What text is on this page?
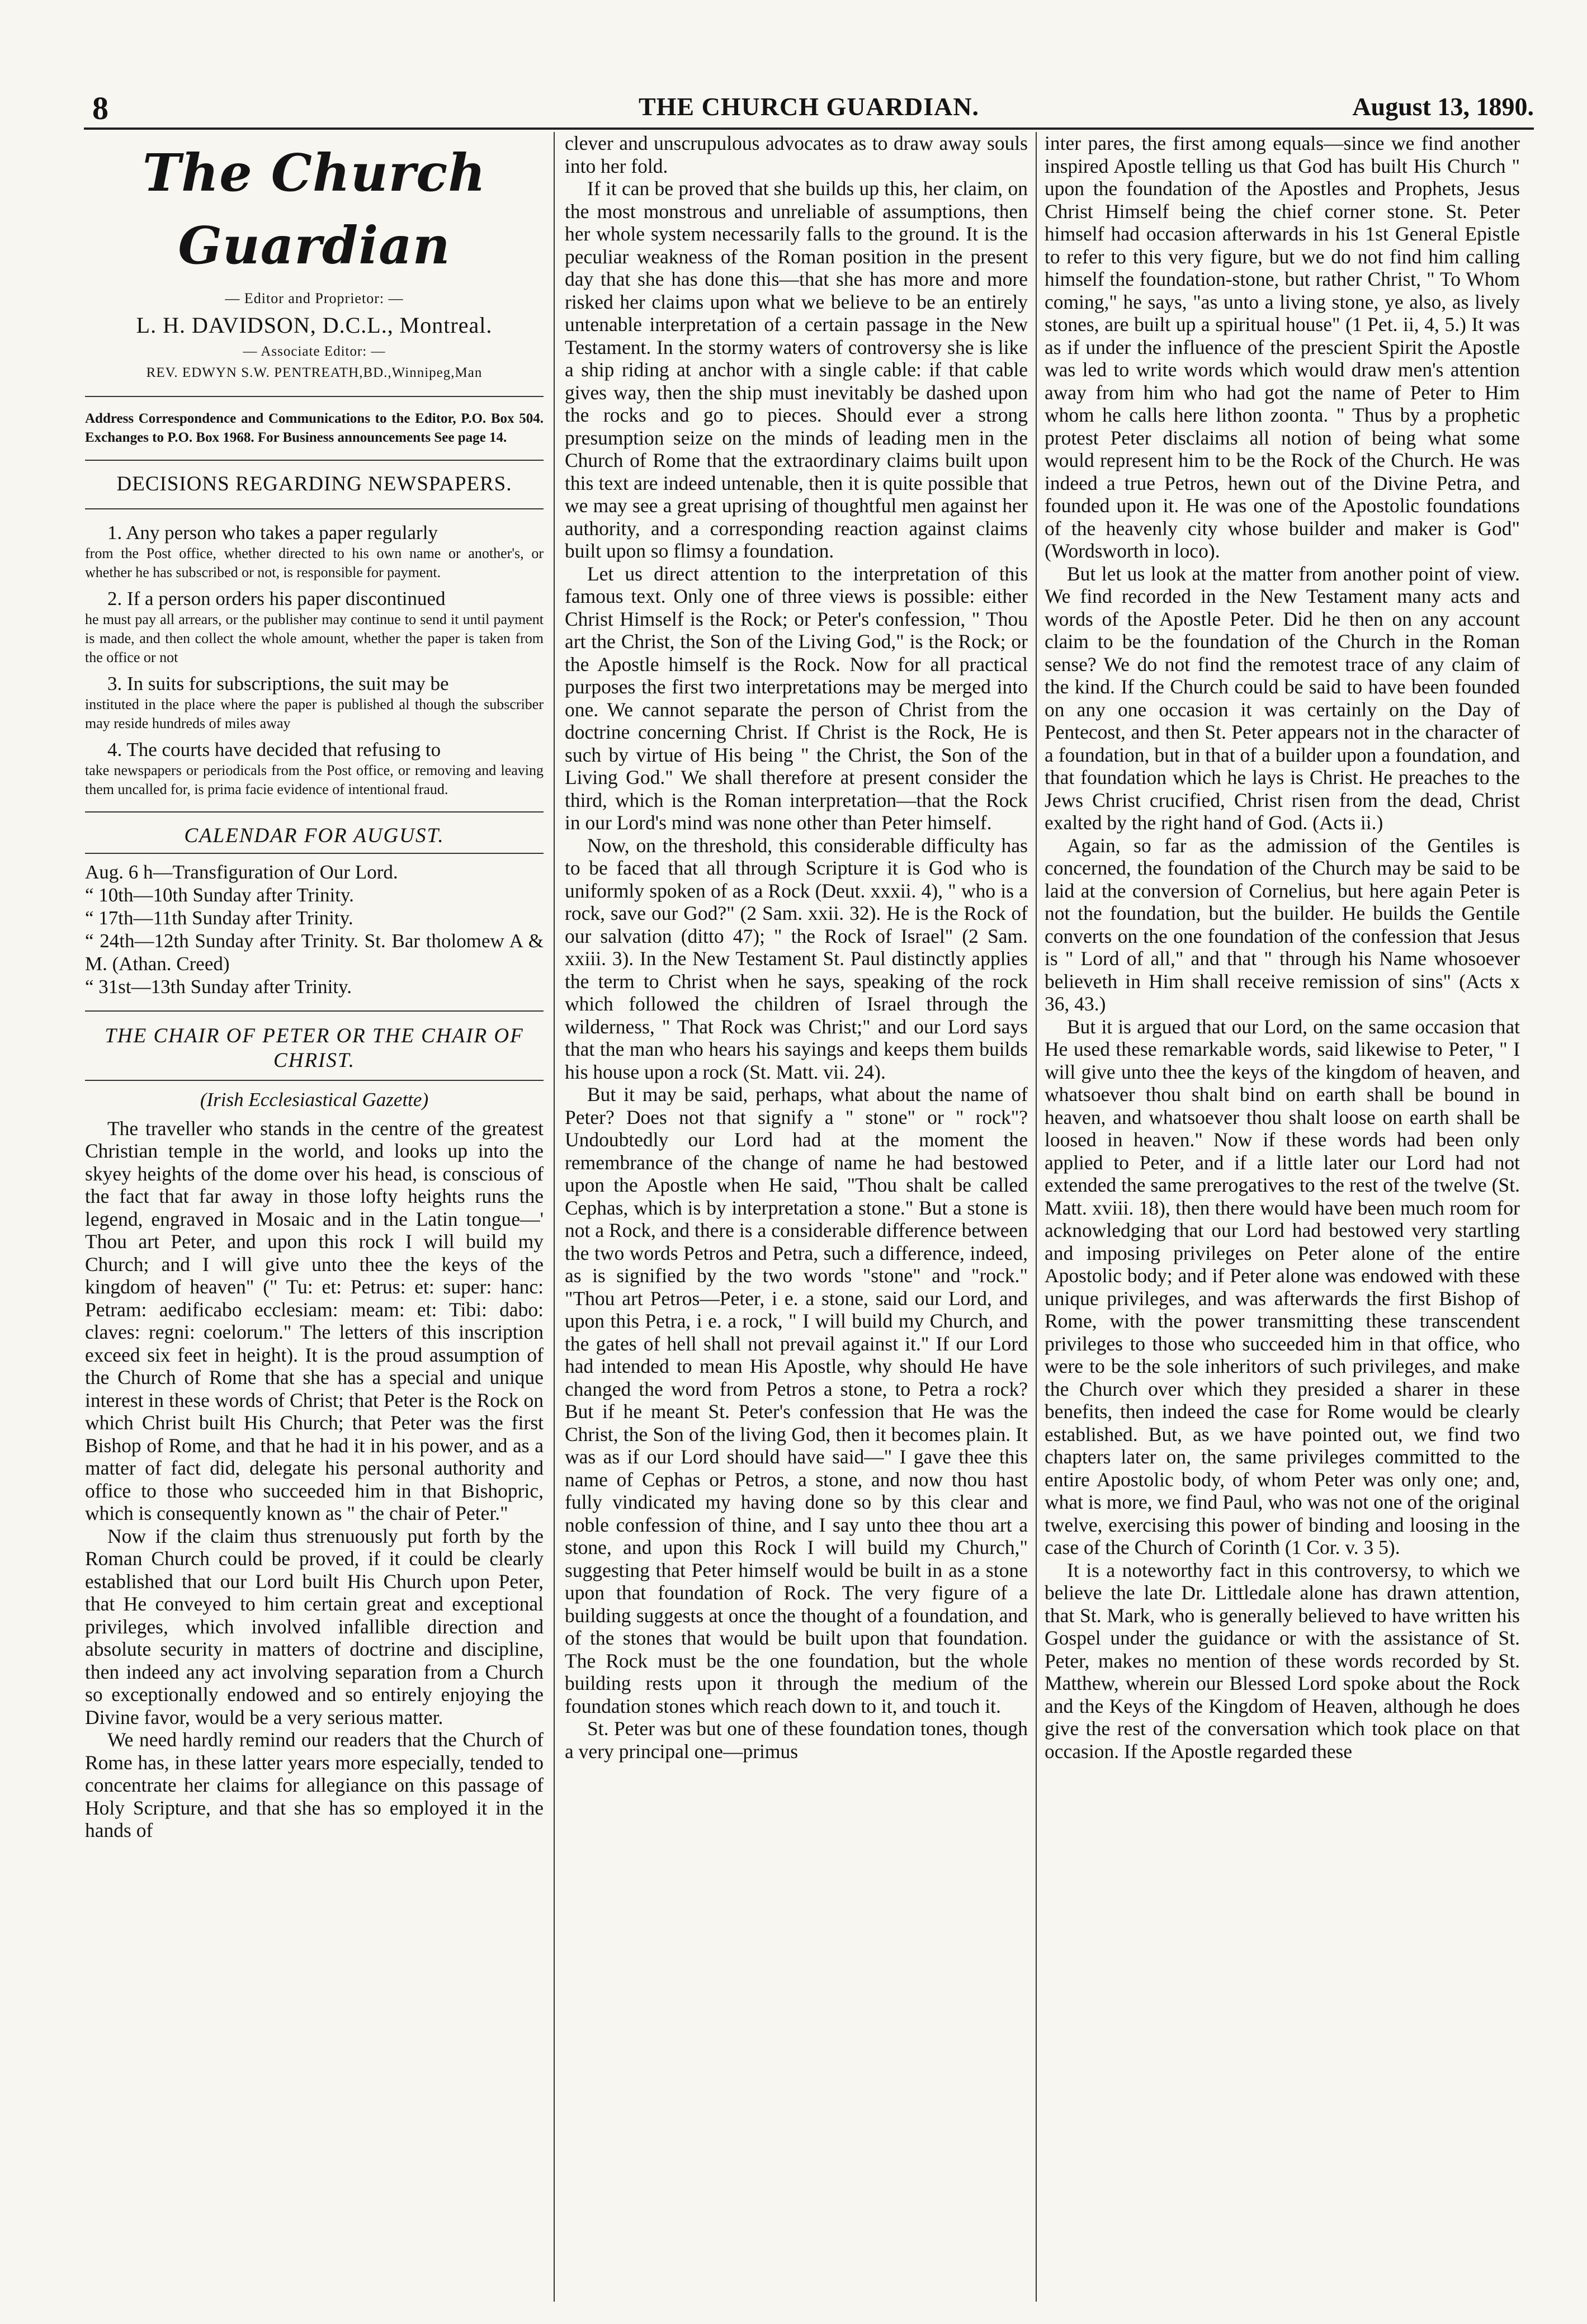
8	THE CHURCH GUARDIAN.	August 13, 1890.
The Church Guardian
— Editor and Proprietor: —
L. H. DAVIDSON, D.C.L., Montreal.
— Associate Editor: —
REV. EDWYN S.W. PENTREATH,BD.,Winnipeg,Man
Address Correspondence and Communications to the Editor, P.O. Box 504. Exchanges to P.O. Box 1968. For Business announcements See page 14.
DECISIONS REGARDING NEWSPAPERS.

1. Any person who takes a paper regularly

from the Post office, whether directed to his own name or another's, or whether he has subscribed or not, is responsible for payment.

2. If a person orders his paper discontinued

he must pay all arrears, or the publisher may continue to send it until payment is made, and then collect the whole amount, whether the paper is taken from the office or not

3. In suits for subscriptions, the suit may be

instituted in the place where the paper is published al though the subscriber may reside hundreds of miles away

4. The courts have decided that refusing to

take newspapers or periodicals from the Post office, or removing and leaving them uncalled for, is prima facie evidence of intentional fraud.
CALENDAR FOR AUGUST.
Aug. 6 h—Transfiguration of Our Lord.
“ 10th—10th Sunday after Trinity.
“ 17th—11th Sunday after Trinity.
“ 24th—12th Sunday after Trinity. St. Bar tholomew A & M. (Athan. Creed)
“ 31st—13th Sunday after Trinity.
THE CHAIR OF PETER OR THE CHAIR OF CHRIST.
(Irish Ecclesiastical Gazette)

The traveller who stands in the centre of the greatest Christian temple in the world, and looks up into the skyey heights of the dome over his head, is conscious of the fact that far away in those lofty heights runs the legend, engraved in Mosaic and in the Latin tongue—' Thou art Peter, and upon this rock I will build my Church; and I will give unto thee the keys of the kingdom of heaven" (" Tu: et: Petrus: et: super: hanc: Petram: aedificabo ecclesiam: meam: et: Tibi: dabo: claves: regni: coelorum." The letters of this inscription exceed six feet in height). It is the proud assumption of the Church of Rome that she has a special and unique interest in these words of Christ; that Peter is the Rock on which Christ built His Church; that Peter was the first Bishop of Rome, and that he had it in his power, and as a matter of fact did, delegate his personal authority and office to those who succeeded him in that Bishopric, which is consequently known as " the chair of Peter."

Now if the claim thus strenuously put forth by the Roman Church could be proved, if it could be clearly established that our Lord built His Church upon Peter, that He conveyed to him certain great and exceptional privileges, which involved infallible direction and absolute security in matters of doctrine and discipline, then indeed any act involving separation from a Church so exceptionally endowed and so entirely enjoying the Divine favor, would be a very serious matter.

We need hardly remind our readers that the Church of Rome has, in these latter years more especially, tended to concentrate her claims for allegiance on this passage of Holy Scripture, and that she has so employed it in the hands of

clever and unscrupulous advocates as to draw away souls into her fold.

If it can be proved that she builds up this, her claim, on the most monstrous and unreliable of assumptions, then her whole system necessarily falls to the ground. It is the peculiar weakness of the Roman position in the present day that she has done this—that she has more and more risked her claims upon what we believe to be an entirely untenable interpretation of a certain passage in the New Testament. In the stormy waters of controversy she is like a ship riding at anchor with a single cable: if that cable gives way, then the ship must inevitably be dashed upon the rocks and go to pieces. Should ever a strong presumption seize on the minds of leading men in the Church of Rome that the extraordinary claims built upon this text are indeed untenable, then it is quite possible that we may see a great uprising of thoughtful men against her authority, and a corresponding reaction against claims built upon so flimsy a foundation.

Let us direct attention to the interpretation of this famous text. Only one of three views is possible: either Christ Himself is the Rock; or Peter's confession, " Thou art the Christ, the Son of the Living God," is the Rock; or the Apostle himself is the Rock. Now for all practical purposes the first two interpretations may be merged into one. We cannot separate the person of Christ from the doctrine concerning Christ. If Christ is the Rock, He is such by virtue of His being " the Christ, the Son of the Living God." We shall therefore at present consider the third, which is the Roman interpretation—that the Rock in our Lord's mind was none other than Peter himself.

Now, on the threshold, this considerable difficulty has to be faced that all through Scripture it is God who is uniformly spoken of as a Rock (Deut. xxxii. 4), " who is a rock, save our God?" (2 Sam. xxii. 32). He is the Rock of our salvation (ditto 47); " the Rock of Israel" (2 Sam. xxiii. 3). In the New Testament St. Paul distinctly applies the term to Christ when he says, speaking of the rock which followed the children of Israel through the wilderness, " That Rock was Christ;" and our Lord says that the man who hears his sayings and keeps them builds his house upon a rock (St. Matt. vii. 24).

But it may be said, perhaps, what about the name of Peter? Does not that signify a " stone" or " rock"? Undoubtedly our Lord had at the moment the remembrance of the change of name he had bestowed upon the Apostle when He said, "Thou shalt be called Cephas, which is by interpretation a stone." But a stone is not a Rock, and there is a considerable difference between the two words Petros and Petra, such a difference, indeed, as is signified by the two words "stone" and "rock." "Thou art Petros—Peter, i e. a stone, said our Lord, and upon this Petra, i e. a rock, " I will build my Church, and the gates of hell shall not prevail against it." If our Lord had intended to mean His Apostle, why should He have changed the word from Petros a stone, to Petra a rock? But if he meant St. Peter's confession that He was the Christ, the Son of the living God, then it becomes plain. It was as if our Lord should have said—" I gave thee this name of Cephas or Petros, a stone, and now thou hast fully vindicated my having done so by this clear and noble confession of thine, and I say unto thee thou art a stone, and upon this Rock I will build my Church," suggesting that Peter himself would be built in as a stone upon that foundation of Rock. The very figure of a building suggests at once the thought of a foundation, and of the stones that would be built upon that foundation. The Rock must be the one foundation, but the whole building rests upon it through the medium of the foundation stones which reach down to it, and touch it.

St. Peter was but one of these foundation tones, though a very principal one—primus

inter pares, the first among equals—since we find another inspired Apostle telling us that God has built His Church " upon the foundation of the Apostles and Prophets, Jesus Christ Himself being the chief corner stone. St. Peter himself had occasion afterwards in his 1st General Epistle to refer to this very figure, but we do not find him calling himself the foundation-stone, but rather Christ, " To Whom coming," he says, "as unto a living stone, ye also, as lively stones, are built up a spiritual house" (1 Pet. ii, 4, 5.) It was as if under the influence of the prescient Spirit the Apostle was led to write words which would draw men's attention away from him who had got the name of Peter to Him whom he calls here lithon zoonta. " Thus by a prophetic protest Peter disclaims all notion of being what some would represent him to be the Rock of the Church. He was indeed a true Petros, hewn out of the Divine Petra, and founded upon it. He was one of the Apostolic foundations of the heavenly city whose builder and maker is God" (Wordsworth in loco).

But let us look at the matter from another point of view. We find recorded in the New Testament many acts and words of the Apostle Peter. Did he then on any account claim to be the foundation of the Church in the Roman sense? We do not find the remotest trace of any claim of the kind. If the Church could be said to have been founded on any one occasion it was certainly on the Day of Pentecost, and then St. Peter appears not in the character of a foundation, but in that of a builder upon a foundation, and that foundation which he lays is Christ. He preaches to the Jews Christ crucified, Christ risen from the dead, Christ exalted by the right hand of God. (Acts ii.)

Again, so far as the admission of the Gentiles is concerned, the foundation of the Church may be said to be laid at the conversion of Cornelius, but here again Peter is not the foundation, but the builder. He builds the Gentile converts on the one foundation of the confession that Jesus is " Lord of all," and that " through his Name whosoever believeth in Him shall receive remission of sins" (Acts x 36, 43.)

But it is argued that our Lord, on the same occasion that He used these remarkable words, said likewise to Peter, " I will give unto thee the keys of the kingdom of heaven, and whatsoever thou shalt bind on earth shall be bound in heaven, and whatsoever thou shalt loose on earth shall be loosed in heaven." Now if these words had been only applied to Peter, and if a little later our Lord had not extended the same prerogatives to the rest of the twelve (St. Matt. xviii. 18), then there would have been much room for acknowledging that our Lord had bestowed very startling and imposing privileges on Peter alone of the entire Apostolic body; and if Peter alone was endowed with these unique privileges, and was afterwards the first Bishop of Rome, with the power transmitting these transcendent privileges to those who succeeded him in that office, who were to be the sole inheritors of such privileges, and make the Church over which they presided a sharer in these benefits, then indeed the case for Rome would be clearly established. But, as we have pointed out, we find two chapters later on, the same privileges committed to the entire Apostolic body, of whom Peter was only one; and, what is more, we find Paul, who was not one of the original twelve, exercising this power of binding and loosing in the case of the Church of Corinth (1 Cor. v. 3 5).

It is a noteworthy fact in this controversy, to which we believe the late Dr. Littledale alone has drawn attention, that St. Mark, who is generally believed to have written his Gospel under the guidance or with the assistance of St. Peter, makes no mention of these words recorded by St. Matthew, wherein our Blessed Lord spoke about the Rock and the Keys of the Kingdom of Heaven, although he does give the rest of the conversation which took place on that occasion. If the Apostle regarded these
